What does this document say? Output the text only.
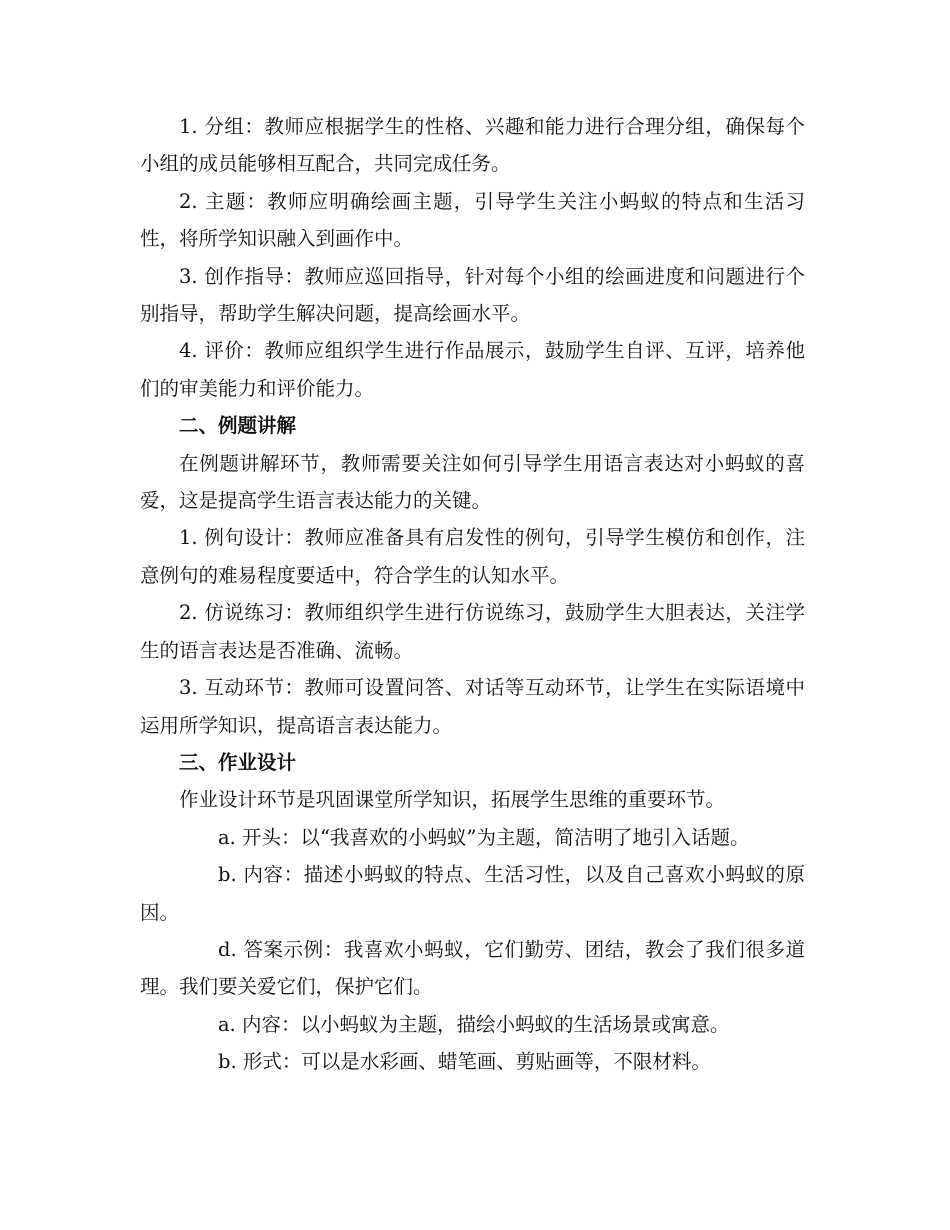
1. 分组：教师应根据学生的性格、兴趣和能力进行合理分组，确保每个小组的成员能够相互配合，共同完成任务。

2. 主题：教师应明确绘画主题，引导学生关注小蚂蚁的特点和生活习性，将所学知识融入到画作中。

3. 创作指导：教师应巡回指导，针对每个小组的绘画进度和问题进行个别指导，帮助学生解决问题，提高绘画水平。

4. 评价：教师应组织学生进行作品展示，鼓励学生自评、互评，培养他们的审美能力和评价能力。

二、例题讲解

在例题讲解环节，教师需要关注如何引导学生用语言表达对小蚂蚁的喜爱，这是提高学生语言表达能力的关键。

1. 例句设计：教师应准备具有启发性的例句，引导学生模仿和创作，注意例句的难易程度要适中，符合学生的认知水平。

2. 仿说练习：教师组织学生进行仿说练习，鼓励学生大胆表达，关注学生的语言表达是否准确、流畅。

3. 互动环节：教师可设置问答、对话等互动环节，让学生在实际语境中运用所学知识，提高语言表达能力。

三、作业设计

作业设计环节是巩固课堂所学知识，拓展学生思维的重要环节。

a. 开头：以“我喜欢的小蚂蚁”为主题，简洁明了地引入话题。

b. 内容：描述小蚂蚁的特点、生活习性，以及自己喜欢小蚂蚁的原因。

d. 答案示例：我喜欢小蚂蚁，它们勤劳、团结，教会了我们很多道理。我们要关爱它们，保护它们。

a. 内容：以小蚂蚁为主题，描绘小蚂蚁的生活场景或寓意。

b. 形式：可以是水彩画、蜡笔画、剪贴画等，不限材料。
